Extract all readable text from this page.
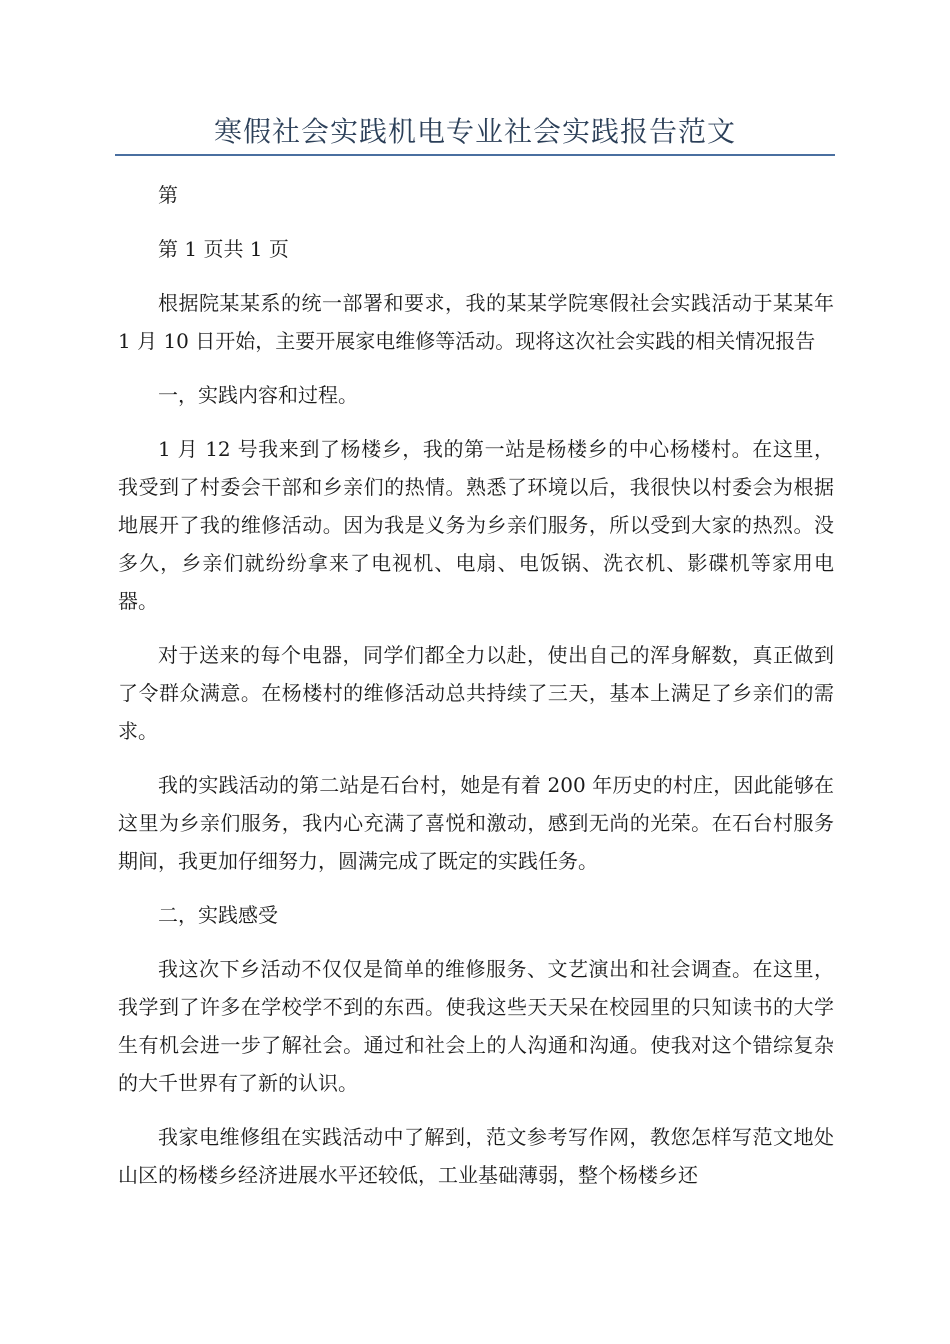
寒假社会实践机电专业社会实践报告范文

第

第 1 页共 1 页

根据院某某系的统一部署和要求，我的某某学院寒假社会实践活动于某某年 1 月 10 日开始，主要开展家电维修等活动。现将这次社会实践的相关情况报告

一，实践内容和过程。

1 月 12 号我来到了杨楼乡，我的第一站是杨楼乡的中心杨楼村。在这里，我受到了村委会干部和乡亲们的热情。熟悉了环境以后，我很快以村委会为根据地展开了我的维修活动。因为我是义务为乡亲们服务，所以受到大家的热烈。没多久，乡亲们就纷纷拿来了电视机、电扇、电饭锅、洗衣机、影碟机等家用电器。

对于送来的每个电器，同学们都全力以赴，使出自己的浑身解数，真正做到了令群众满意。在杨楼村的维修活动总共持续了三天，基本上满足了乡亲们的需求。

我的实践活动的第二站是石台村，她是有着 200 年历史的村庄，因此能够在这里为乡亲们服务，我内心充满了喜悦和激动，感到无尚的光荣。在石台村服务期间，我更加仔细努力，圆满完成了既定的实践任务。

二，实践感受

我这次下乡活动不仅仅是简单的维修服务、文艺演出和社会调查。在这里，我学到了许多在学校学不到的东西。使我这些天天呆在校园里的只知读书的大学生有机会进一步了解社会。通过和社会上的人沟通和沟通。使我对这个错综复杂的大千世界有了新的认识。

我家电维修组在实践活动中了解到，范文参考写作网，教您怎样写范文地处山区的杨楼乡经济进展水平还较低，工业基础薄弱，整个杨楼乡还
